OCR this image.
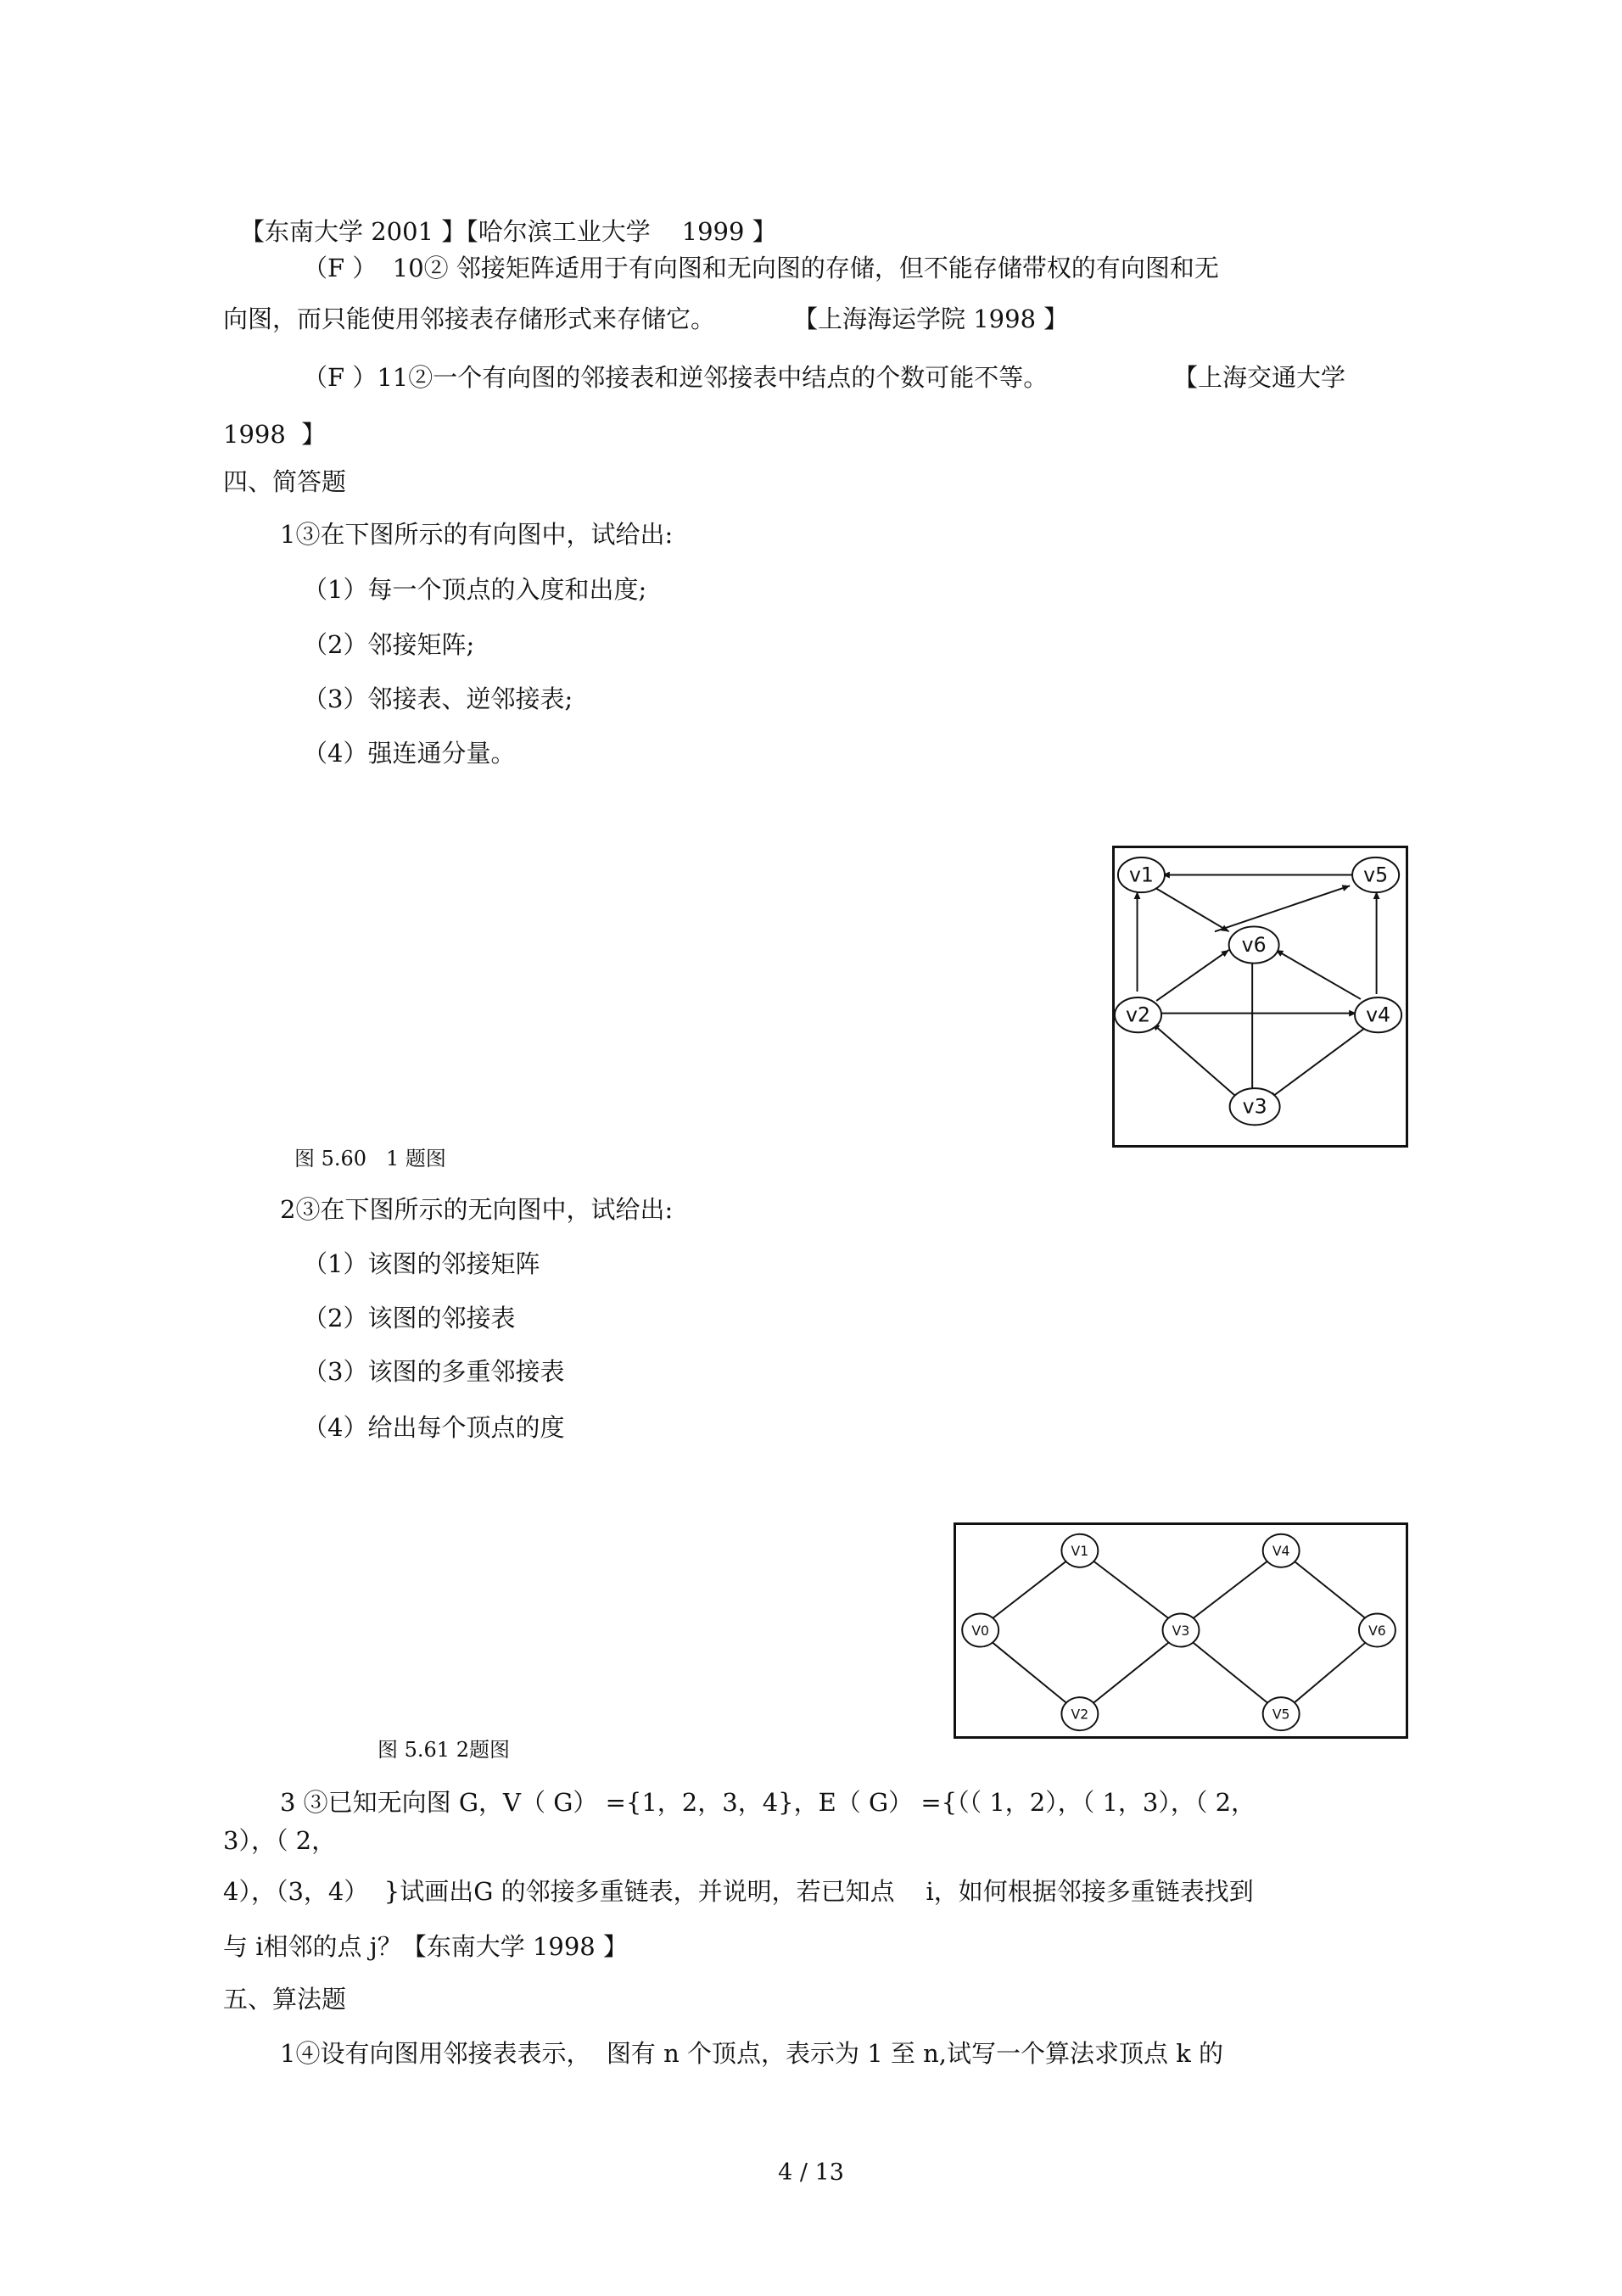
【东南大学 2001 】【哈尔滨工业大学    1999 】
（F ）  10② 邻接矩阵适用于有向图和无向图的存储，但不能存储带权的有向图和无
向图，而只能使用邻接表存储形式来存储它。	【上海海运学院 1998 】
（F ）11②一个有向图的邻接表和逆邻接表中结点的个数可能不等。	【上海交通大学
1998  】
四、简答题
1③在下图所示的有向图中，试给出:
（1）每一个顶点的入度和出度;
（2）邻接矩阵;
（3）邻接表、逆邻接表;
（4）强连通分量。
v1	v5
v6
v2	v4
v3
图 5.60   1 题图
2③在下图所示的无向图中，试给出:
（1）该图的邻接矩阵
（2）该图的邻接表
（3）该图的多重邻接表
（4）给出每个顶点的度
V1	V4
V0	V3	V6
V2	V5
图 5.61 2题图
3 ③已知无向图 G，V（ G） ={1，2，3，4}，E（ G） ={（（ 1，2），（ 1，3），（ 2，
3），（ 2，
4），（3，4）  }试画出G 的邻接多重链表，并说明，若已知点    i，如何根据邻接多重链表找到
与 i相邻的点 j？【东南大学 1998 】
五、算法题
1④设有向图用邻接表表示，  图有 n 个顶点，表示为 1 至 n,试写一个算法求顶点 k 的
4 / 13
